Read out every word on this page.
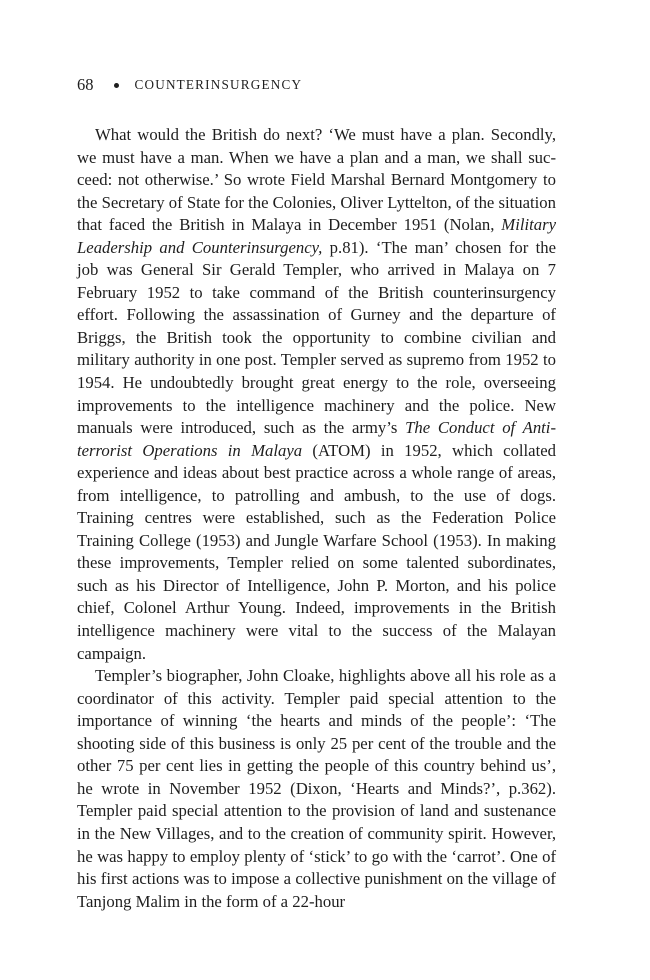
68	COUNTERINSURGENCY

What would the British do next? ‘We must have a plan. Secondly, we must have a man. When we have a plan and a man, we shall succeed: not otherwise.’ So wrote Field Marshal Bernard Montgomery to the Secretary of State for the Colonies, Oliver Lyttelton, of the situation that faced the British in Malaya in December 1951 (Nolan, Military Leadership and Counterinsurgency, p.81). ‘The man’ chosen for the job was General Sir Gerald Templer, who arrived in Malaya on 7 February 1952 to take command of the British counterinsurgency effort. Following the assassination of Gurney and the departure of Briggs, the British took the opportunity to combine civilian and military authority in one post. Templer served as supremo from 1952 to 1954. He undoubtedly brought great energy to the role, overseeing improvements to the intelligence machinery and the police. New manuals were introduced, such as the army’s The Conduct of Anti-terrorist Operations in Malaya (ATOM) in 1952, which collated experience and ideas about best practice across a whole range of areas, from intelligence, to patrolling and ambush, to the use of dogs. Training centres were established, such as the Federation Police Training College (1953) and Jungle Warfare School (1953). In making these improvements, Templer relied on some talented subordinates, such as his Director of Intelligence, John P. Morton, and his police chief, Colonel Arthur Young. Indeed, improvements in the British intelligence machinery were vital to the success of the Malayan campaign.

Templer’s biographer, John Cloake, highlights above all his role as a coordinator of this activity. Templer paid special attention to the importance of winning ‘the hearts and minds of the people’: ‘The shooting side of this business is only 25 per cent of the trouble and the other 75 per cent lies in getting the people of this country behind us’, he wrote in November 1952 (Dixon, ‘Hearts and Minds?’, p.362). Templer paid special attention to the provision of land and sustenance in the New Villages, and to the creation of community spirit. However, he was happy to employ plenty of ‘stick’ to go with the ‘carrot’. One of his first actions was to impose a collective punishment on the village of Tanjong Malim in the form of a 22-hour
